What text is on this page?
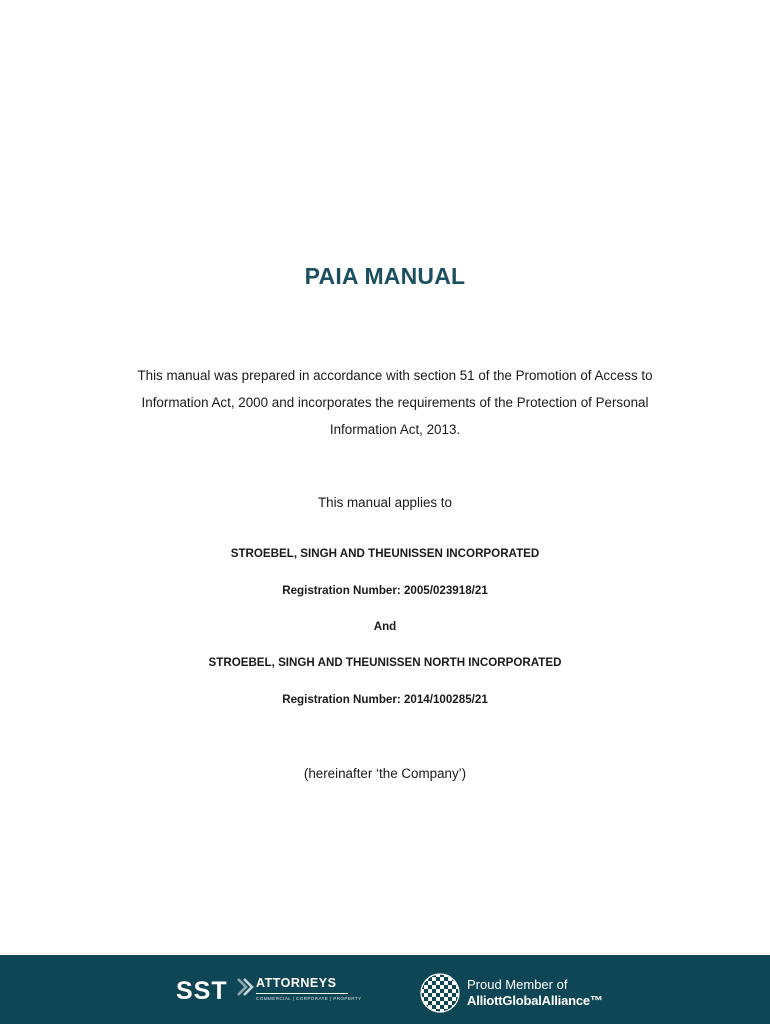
PAIA MANUAL
This manual was prepared in accordance with section 51 of the Promotion of Access to
Information Act, 2000 and incorporates the requirements of the Protection of Personal
Information Act, 2013.
This manual applies to
STROEBEL, SINGH AND THEUNISSEN INCORPORATED
Registration Number: 2005/023918/21
And
STROEBEL, SINGH AND THEUNISSEN NORTH INCORPORATED
Registration Number: 2014/100285/21
(hereinafter ‘the Company’)
SST ATTORNEYS
COMMERCIAL | CORPORATE | PROPERTY
Proud Member of
AlliottGlobalAlliance™
